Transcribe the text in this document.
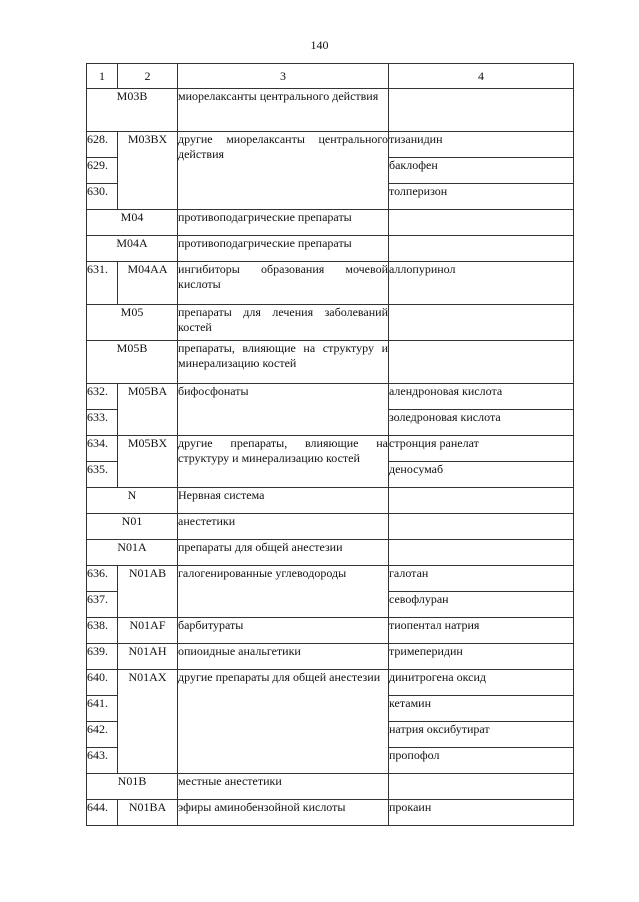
140
1	2	3	4
M03B		миорелаксанты центрального действия	
628.	M03BX	другие миорелаксанты центрального действия	тизанидин
629.			баклофен
630.			толперизон
M04		противоподагрические препараты	
M04A		противоподагрические препараты	
631.	M04AA	ингибиторы образования мочевой кислоты	аллопуринол
M05		препараты для лечения заболеваний костей	
M05B		препараты, влияющие на структуру и минерализацию костей	
632.	M05BA	бифосфонаты	алендроновая кислота
633.			золедроновая кислота
634.	M05BX	другие препараты, влияющие на структуру и минерализацию костей	стронция ранелат
635.			деносумаб
N		Нервная система	
N01		анестетики	
N01A		препараты для общей анестезии	
636.	N01AB	галогенированные углеводороды	галотан
637.			севофлуран
638.	N01AF	барбитураты	тиопентал натрия
639.	N01AH	опиоидные анальгетики	тримеперидин
640.	N01AX	другие препараты для общей анестезии	динитрогена оксид
641.			кетамин
642.			натрия оксибутират
643.			пропофол
N01B		местные анестетики	
644.	N01BA	эфиры аминобензойной кислоты	прокаин
